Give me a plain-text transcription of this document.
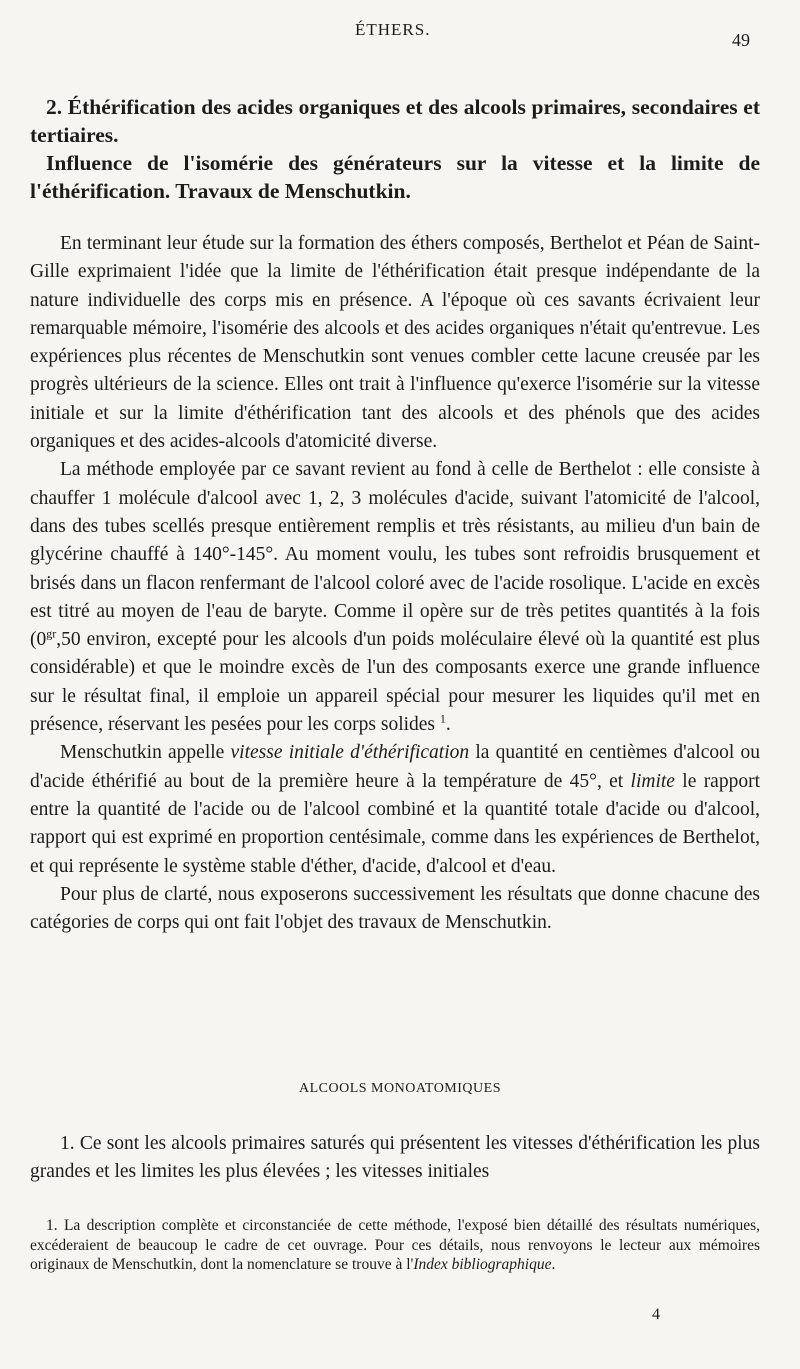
ÉTHERS.
49

2. Éthérification des acides organiques et des alcools primaires, secondaires et tertiaires.

Influence de l'isomérie des générateurs sur la vitesse et la limite de l'éthérification. Travaux de Menschutkin.

En terminant leur étude sur la formation des éthers composés, Berthelot et Péan de Saint-Gille exprimaient l'idée que la limite de l'éthérification était presque indépendante de la nature individuelle des corps mis en présence. A l'époque où ces savants écrivaient leur remarquable mémoire, l'isomérie des alcools et des acides organiques n'était qu'entrevue. Les expériences plus récentes de Menschutkin sont venues combler cette lacune creusée par les progrès ultérieurs de la science. Elles ont trait à l'influence qu'exerce l'isomérie sur la vitesse initiale et sur la limite d'éthérification tant des alcools et des phénols que des acides organiques et des acides-alcools d'atomicité diverse.

La méthode employée par ce savant revient au fond à celle de Berthelot : elle consiste à chauffer 1 molécule d'alcool avec 1, 2, 3 molécules d'acide, suivant l'atomicité de l'alcool, dans des tubes scellés presque entièrement remplis et très résistants, au milieu d'un bain de glycérine chauffé à 140°-145°. Au moment voulu, les tubes sont refroidis brusquement et brisés dans un flacon renfermant de l'alcool coloré avec de l'acide rosolique. L'acide en excès est titré au moyen de l'eau de baryte. Comme il opère sur de très petites quantités à la fois ($0^{gr},50$ environ, excepté pour les alcools d'un poids moléculaire élevé où la quantité est plus considérable) et que le moindre excès de l'un des composants exerce une grande influence sur le résultat final, il emploie un appareil spécial pour mesurer les liquides qu'il met en présence, réservant les pesées pour les corps solides $^1$.

Menschutkin appelle vitesse initiale d'éthérification la quantité en centièmes d'alcool ou d'acide éthérifié au bout de la première heure à la température de 45°, et limite le rapport entre la quantité de l'acide ou de l'alcool combiné et la quantité totale d'acide ou d'alcool, rapport qui est exprimé en proportion centésimale, comme dans les expériences de Berthelot, et qui représente le système stable d'éther, d'acide, d'alcool et d'eau.

Pour plus de clarté, nous exposerons successivement les résultats que donne chacune des catégories de corps qui ont fait l'objet des travaux de Menschutkin.

ALCOOLS MONOATOMIQUES

1. Ce sont les alcools primaires saturés qui présentent les vitesses d'éthérification les plus grandes et les limites les plus élevées ; les vitesses initiales

1. La description complète et circonstanciée de cette méthode, l'exposé bien détaillé des résultats numériques, excéderaient de beaucoup le cadre de cet ouvrage. Pour ces détails, nous renvoyons le lecteur aux mémoires originaux de Menschutkin, dont la nomenclature se trouve à l'Index bibliographique.

4
